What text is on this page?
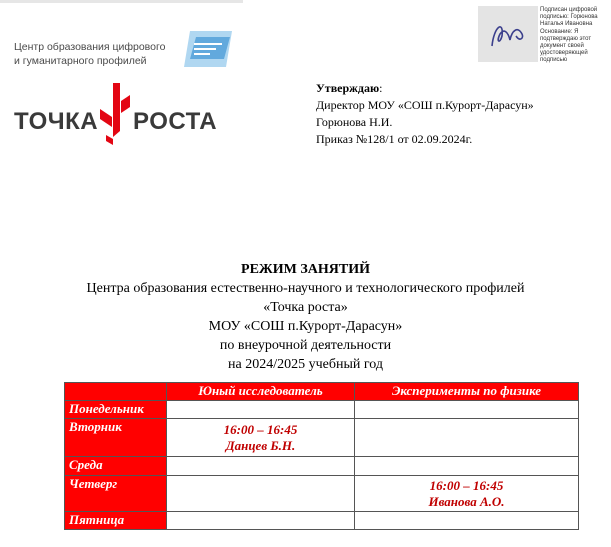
Центр образования цифрового
и гуманитарного профилей
ТОЧКА РОСТА
Подписан цифровой подписью: Горюнова Наталья Ивановна Основание: Я подтверждаю этот документ своей удостоверяющей подписью
Утверждаю:
Директор МОУ «СОШ п.Курорт-Дарасун»
Горюнова Н.И.
Приказ №128/1 от 02.09.2024г.
РЕЖИМ ЗАНЯТИЙ
Центра образования естественно-научного и технологического профилей
«Точка роста»
МОУ «СОШ п.Курорт-Дарасун»
по внеурочной деятельности
на 2024/2025 учебный год
	Юный исследователь	Эксперименты по физике
Понедельник		
Вторник	16:00 – 16:45
Данцев Б.Н.	
Среда		
Четверг		16:00 – 16:45
Иванова А.О.
Пятница		
